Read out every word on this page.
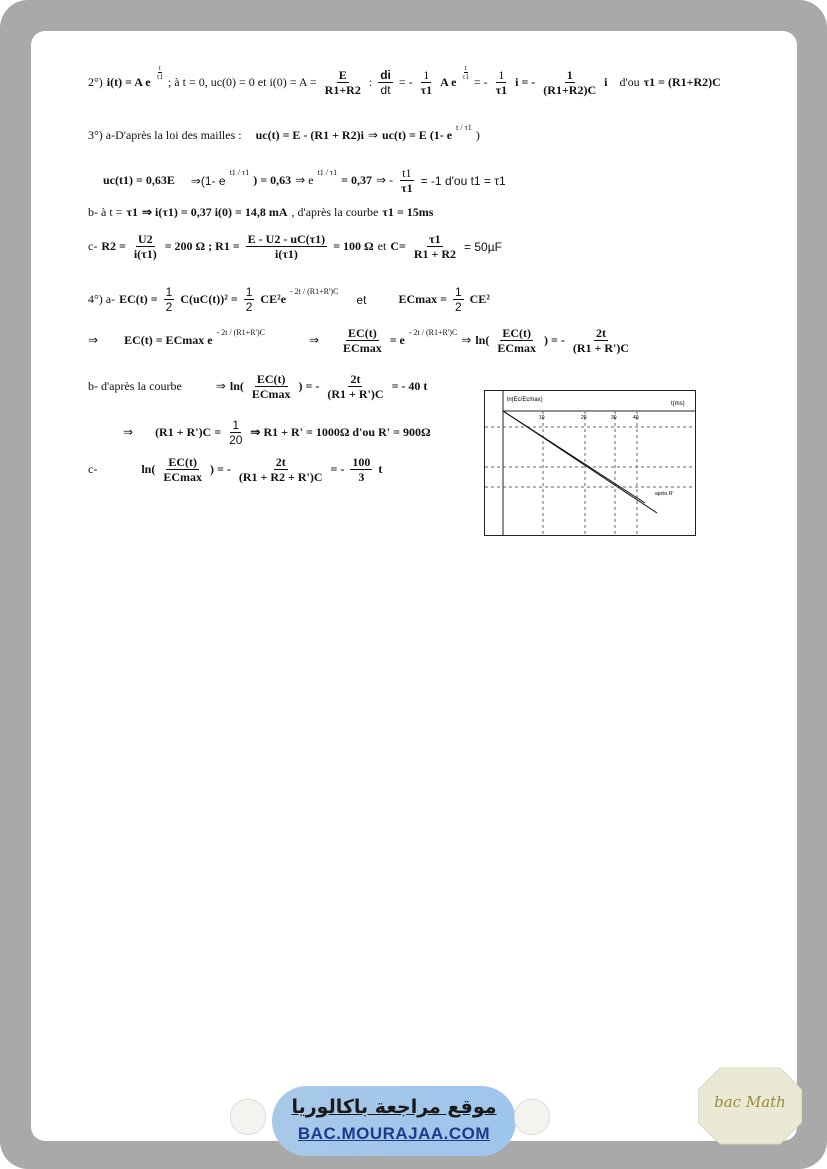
2°) i(t) = A e
$\frac{t}{\tau 1}$
; à t = 0, uc(0) = 0 et $i(0) = A = \frac{E}{R1+R2}$ : $\frac{di}{dt}$ = - $\frac{1}{\tau 1}$ A e
$\frac{t}{\tau 1}$
= - $\frac{1}{\tau 1}$ i = - $\frac{1}{(R1+R2)C}$ i d'ou τ1 = (R1+R2)C
3°) a-D'après la loi des mailles : uc(t) = E - (R1 + R2)i ⇒ uc(t) = E (1- e
t / τ1
)
uc(t1) = 0,63E ⇒(1- e
t1 / τ1
) = 0,63 ⇒ e
t1 / τ1
= 0,37 ⇒ - $\frac{t1}{\tau 1} = -1$ d'ou t1 = τ1
b- à t = τ1 ⇒ i(τ1) = 0,37 i(0) = 14,8 mA , d'après la courbe τ1 = 15ms
c- $R2 = \frac{U2}{i(\tau 1)} = 200$ Ω ; $R1 = \frac{E - U2 - uC(\tau 1)}{i(\tau 1)} = 100$ Ω et $C= \frac{\tau 1}{R1 + R2} = 50\mu F$
4°) a- $EC(t) = \frac{1}{2} C(uC(t))^2 = \frac{1}{2} CE^2e$
- 2t / (R1+R')C
et	$ECmax = \frac{1}{2} CE^2$
⇒ EC(t) = ECmax e
- 2t / (R1+R')C
⇒ $\frac{EC(t)}{ECmax} = e$
- 2t / (R1+R')C
⇒ $\ln( \frac{EC(t)}{ECmax}$ ) = - $\frac{2t}{(R1 + R')C}$
b- d'après la courbe	⇒ $\ln( \frac{EC(t)}{ECmax}$ ) = - $\frac{2t}{(R1 + R')C}$ = - 40 t
⇒ $(R1 + R')C = \frac{1}{20}$ ⇒ R1 + R' = 1000Ω d'ou R' = 900Ω
c-	$\ln( \frac{EC(t)}{ECmax}$ ) = - $\frac{2t}{(R1 + R2 + R')C}$ = - $\frac{100}{3}$ t
ln(Ec/Ecmax)
t(ms)
10	20	30	40
après R'
موقع مراجعة باكالوريا
BAC.MOURAJAA.COM
bac Math
